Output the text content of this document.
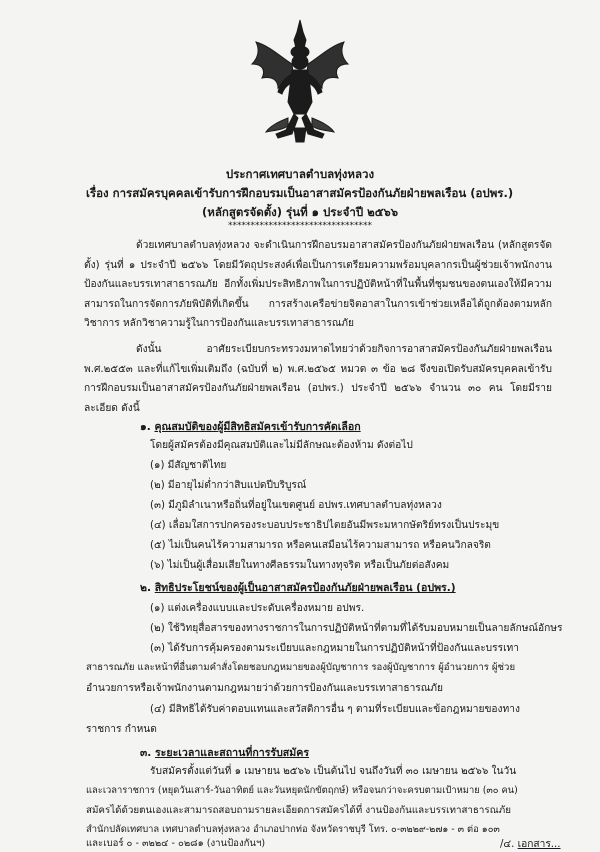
ประกาศเทศบาลตำบลทุ่งหลวง
เรื่อง การสมัครบุคคลเข้ารับการฝึกอบรมเป็นอาสาสมัครป้องกันภัยฝ่ายพลเรือน (อปพร.)
(หลักสูตรจัดตั้ง) รุ่นที่ ๑ ประจำปี ๒๕๖๖
********************************
ด้วยเทศบาลตำบลทุ่งหลวง จะดำเนินการฝึกอบรมอาสาสมัครป้องกันภัยฝ่ายพลเรือน (หลักสูตรจัดตั้ง) รุ่นที่ ๑ ประจำปี ๒๕๖๖ โดยมีวัตถุประสงค์เพื่อเป็นการเตรียมความพร้อมบุคลากรเป็นผู้ช่วยเจ้าพนักงานป้องกันและบรรเทาสาธารณภัย อีกทั้งเพิ่มประสิทธิภาพในการปฏิบัติหน้าที่ในพื้นที่ชุมชนของตนเองให้มีความสามารถในการจัดการภัยพิบัติที่เกิดขึ้น การสร้างเครือข่ายจิตอาสาในการเข้าช่วยเหลือได้ถูกต้องตามหลักวิชาการ หลักวิชาความรู้ในการป้องกันและบรรเทาสาธารณภัย
ดังนั้น อาศัยระเบียบกระทรวงมหาดไทยว่าด้วยกิจการอาสาสมัครป้องกันภัยฝ่ายพลเรือน พ.ศ.๒๕๕๓ และที่แก้ไขเพิ่มเติมถึง (ฉบับที่ ๒) พ.ศ.๒๕๖๕ หมวด ๓ ข้อ ๒๘ จึงขอเปิดรับสมัครบุคคลเข้ารับการฝึกอบรมเป็นอาสาสมัครป้องกันภัยฝ่ายพลเรือน (อปพร.) ประจำปี ๒๕๖๖ จำนวน ๓๐ คน โดยมีรายละเอียด ดังนี้
๑. คุณสมบัติของผู้มีสิทธิสมัครเข้ารับการคัดเลือก
โดยผู้สมัครต้องมีคุณสมบัติและไม่มีลักษณะต้องห้าม ดังต่อไป
(๑) มีสัญชาติไทย
(๒) มีอายุไม่ต่ำกว่าสิบแปดปีบริบูรณ์
(๓) มีภูมิลำเนาหรือถิ่นที่อยู่ในเขตศูนย์ อปพร.เทศบาลตำบลทุ่งหลวง
(๔) เลื่อมใสการปกครองระบอบประชาธิปไตยอันมีพระมหากษัตริย์ทรงเป็นประมุข
(๕) ไม่เป็นคนไร้ความสามารถ หรือคนเสมือนไร้ความสามารถ หรือคนวิกลจริต
(๖) ไม่เป็นผู้เสื่อมเสียในทางศีลธรรมในทางทุจริต หรือเป็นภัยต่อสังคม
๒. สิทธิประโยชน์ของผู้เป็นอาสาสมัครป้องกันภัยฝ่ายพลเรือน (อปพร.)
(๑) แต่งเครื่องแบบและประดับเครื่องหมาย อปพร.
(๒) ใช้วิทยุสื่อสารของทางราชการในการปฏิบัติหน้าที่ตามที่ได้รับมอบหมายเป็นลายลักษณ์อักษร
(๓) ได้รับการคุ้มครองตามระเบียบและกฎหมายในการปฏิบัติหน้าที่ป้องกันและบรรเทา
สาธารณภัย และหน้าที่อื่นตามคำสั่งโดยชอบกฎหมายของผู้บัญชาการ รองผู้บัญชาการ ผู้อำนวยการ ผู้ช่วย
อำนวยการหรือเจ้าพนักงานตามกฎหมายว่าด้วยการป้องกันและบรรเทาสาธารณภัย
(๔) มีสิทธิได้รับค่าตอบแทนและสวัสดิการอื่น ๆ ตามที่ระเบียบและข้อกฎหมายของทาง
ราชการ กำหนด
๓. ระยะเวลาและสถานที่การรับสมัคร
รับสมัครตั้งแต่วันที่ ๑ เมษายน ๒๕๖๖ เป็นต้นไป จนถึงวันที่ ๓๐ เมษายน ๒๕๖๖ ในวัน
และเวลาราชการ (หยุดวันเสาร์-วันอาทิตย์ และวันหยุดนักขัตฤกษ์) หรือจนกว่าจะครบตามเป้าหมาย (๓๐ คน)
สมัครได้ด้วยตนเองและสามารถสอบถามรายละเอียดการสมัครได้ที่ งานป้องกันและบรรเทาสาธารณภัย
สำนักปลัดเทศบาล เทศบาลตำบลทุ่งหลวง อำเภอปากท่อ จังหวัดราชบุรี โทร. ๐-๓๒๒๙-๒๗๑ - ๓ ต่อ ๑๐๓
และเบอร์ ๐ - ๓๒๒๔ - ๐๒๘๑ (งานป้องกันฯ)	/๔. เอกสาร...
